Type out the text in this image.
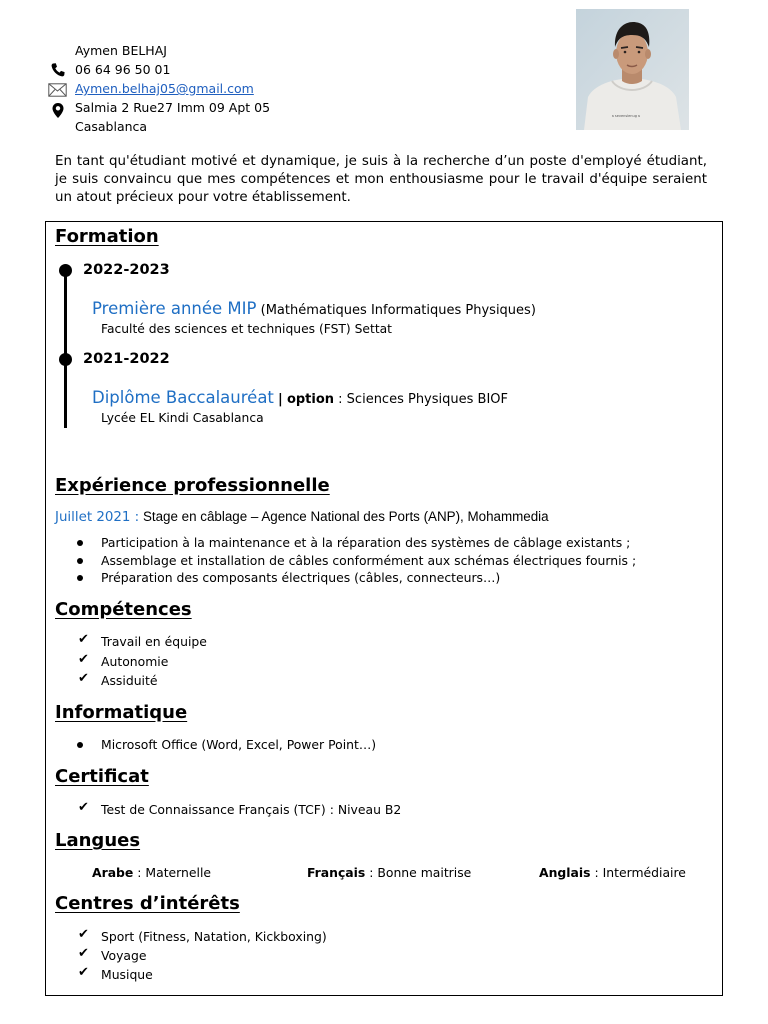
Aymen BELHAJ
06 64 96 50 01
Aymen.belhaj05@gmail.com
Salmia 2 Rue27 Imm 09 Apt 05
Casablanca
ꞩ sevenslenuɡ ꞩ
En tant qu'étudiant motivé et dynamique, je suis à la recherche d’un poste d'employé étudiant, je suis convaincu que mes compétences et mon enthousiasme pour le travail d'équipe seraient un atout précieux pour votre établissement.
Formation
2022-2023
Première année MIP (Mathématiques Informatiques Physiques)
Faculté des sciences et techniques (FST) Settat
2021-2022
Diplôme Baccalauréat | option : Sciences Physiques BIOF
Lycée EL Kindi Casablanca
Expérience professionnelle
Juillet 2021 : Stage en câblage – Agence National des Ports (ANP), Mohammedia
Participation à la maintenance et à la réparation des systèmes de câblage existants ;
Assemblage et installation de câbles conformément aux schémas électriques fournis ;
Préparation des composants électriques (câbles, connecteurs…)
Compétences
✔ Travail en équipe
✔ Autonomie
✔ Assiduité
Informatique
Microsoft Office (Word, Excel, Power Point…)
Certificat
✔ Test de Connaissance Français (TCF) : Niveau B2
Langues
Arabe : Maternelle	Français : Bonne maitrise	Anglais : Intermédiaire
Centres d’intérêts
✔ Sport (Fitness, Natation, Kickboxing)
✔ Voyage
✔ Musique
